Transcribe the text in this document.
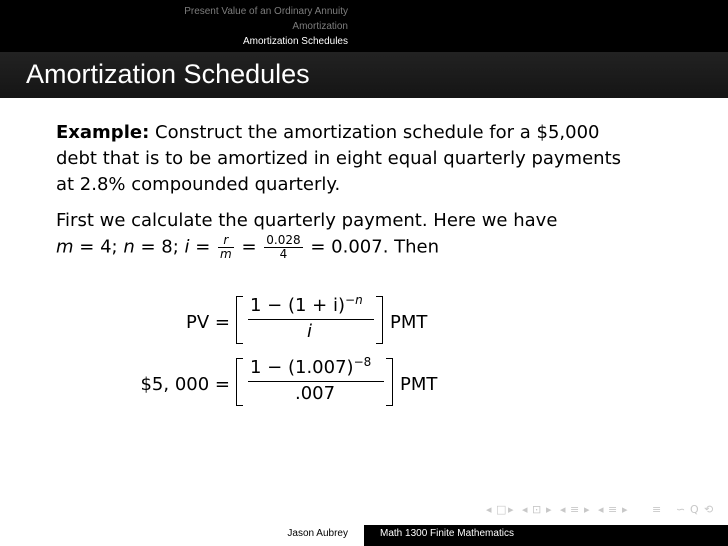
Present Value of an Ordinary Annuity
Amortization
Amortization Schedules
Amortization Schedules
Example: Construct the amortization schedule for a $5,000
debt that is to be amortized in eight equal quarterly payments
at 2.8% compounded quarterly.
First we calculate the quarterly payment. Here we have
m = 4; n = 8; $i = \frac{r}{m} = \frac{0.028}{4} = 0.007$. Then
PV =
$1 - (1 + i)^{-n}$
i	PMT
$5, 000 =
$1 - (1.007)^{-8}$
.007	PMT
◂ □ ▸ ◂ ⊡ ▸ ◂ ≡ ▸ ◂ ≡ ▸ ≡ ∽ Q ⟲
Jason Aubrey	Math 1300 Finite Mathematics
